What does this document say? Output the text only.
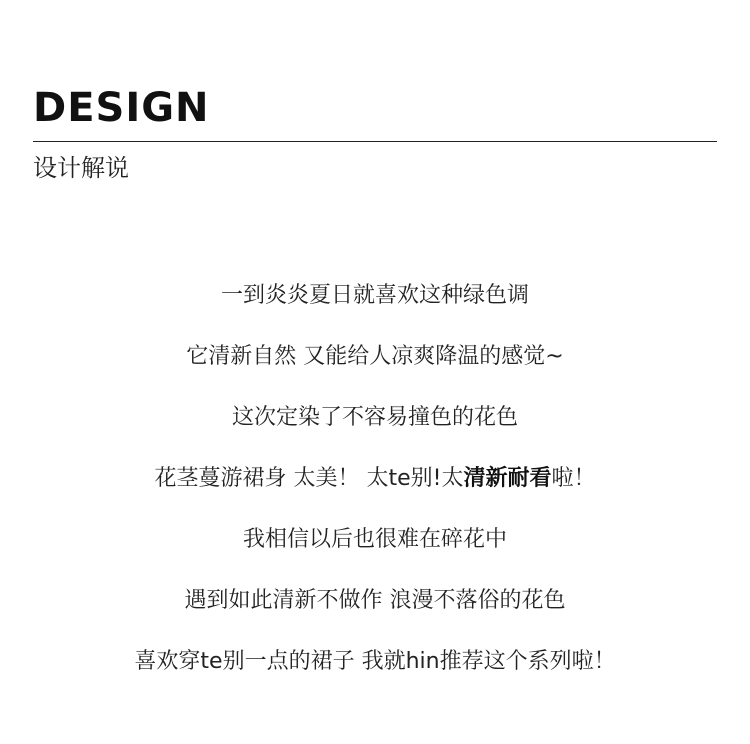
DESIGN
设计解说
一到炎炎夏日就喜欢这种绿色调
它清新自然 又能给人凉爽降温的感觉~
这次定染了不容易撞色的花色
花茎蔓游裙身 太美！ 太te别!太清新耐看啦！
我相信以后也很难在碎花中
遇到如此清新不做作 浪漫不落俗的花色
喜欢穿te别一点的裙子 我就hin推荐这个系列啦！
